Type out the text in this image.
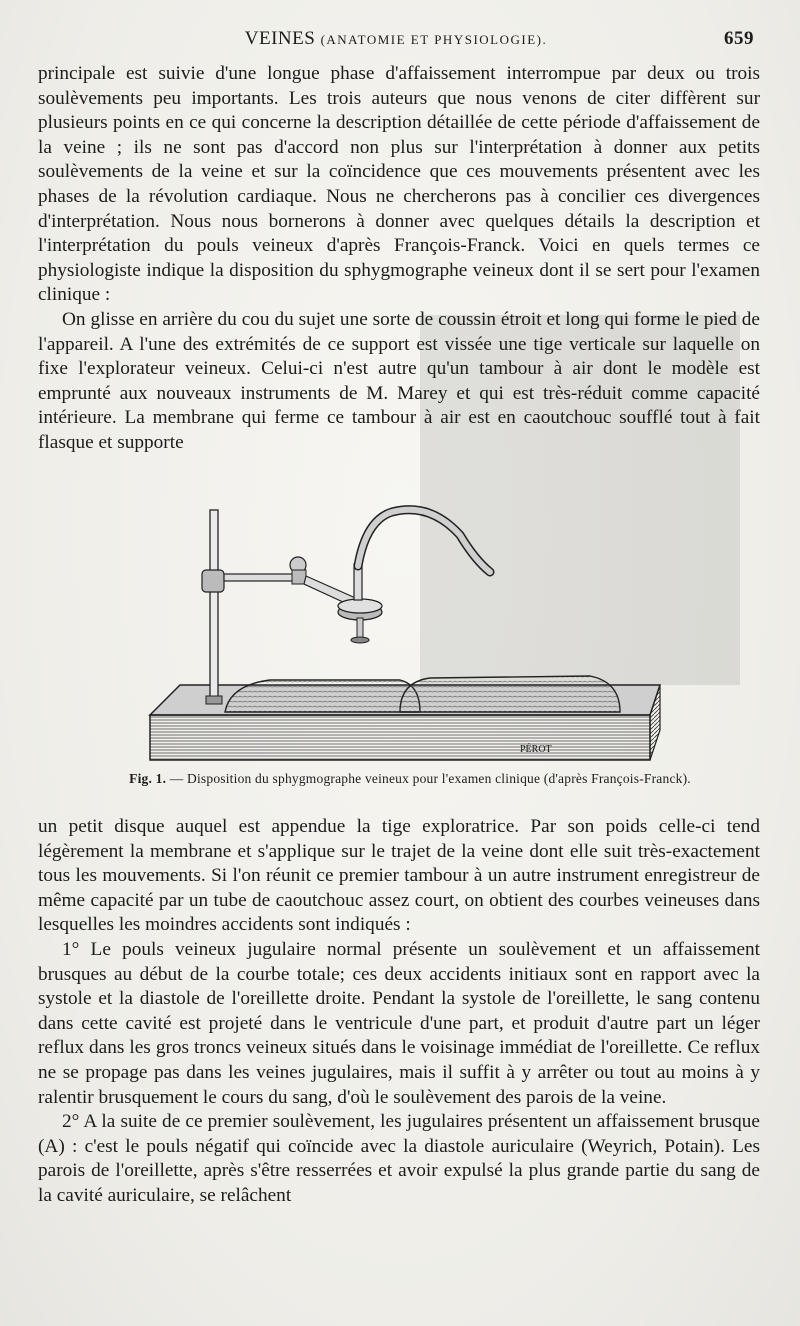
VEINES (ANATOMIE ET PHYSIOLOGIE).	659

principale est suivie d'une longue phase d'affaissement interrompue par deux ou trois soulèvements peu importants. Les trois auteurs que nous venons de citer diffèrent sur plusieurs points en ce qui concerne la description détaillée de cette période d'affaissement de la veine ; ils ne sont pas d'accord non plus sur l'interprétation à donner aux petits soulèvements de la veine et sur la coïncidence que ces mouvements présentent avec les phases de la révolution cardiaque. Nous ne chercherons pas à concilier ces divergences d'interprétation. Nous nous bornerons à donner avec quelques détails la description et l'interprétation du pouls veineux d'après François-Franck. Voici en quels termes ce physiologiste indique la disposition du sphygmographe veineux dont il se sert pour l'examen clinique :

On glisse en arrière du cou du sujet une sorte de coussin étroit et long qui forme le pied de l'appareil. A l'une des extrémités de ce support est vissée une tige verticale sur laquelle on fixe l'explorateur veineux. Celui-ci n'est autre qu'un tambour à air dont le modèle est emprunté aux nouveaux instruments de M. Marey et qui est très-réduit comme capacité intérieure. La membrane qui ferme ce tambour à air est en caoutchouc soufflé tout à fait flasque et supporte

PÉROT
Fig. 1. — Disposition du sphygmographe veineux pour l'examen clinique (d'après François-Franck).

un petit disque auquel est appendue la tige exploratrice. Par son poids celle-ci tend légèrement la membrane et s'applique sur le trajet de la veine dont elle suit très-exactement tous les mouvements. Si l'on réunit ce premier tambour à un autre instrument enregistreur de même capacité par un tube de caoutchouc assez court, on obtient des courbes veineuses dans lesquelles les moindres accidents sont indiqués :

1° Le pouls veineux jugulaire normal présente un soulèvement et un affaissement brusques au début de la courbe totale; ces deux accidents initiaux sont en rapport avec la systole et la diastole de l'oreillette droite. Pendant la systole de l'oreillette, le sang contenu dans cette cavité est projeté dans le ventricule d'une part, et produit d'autre part un léger reflux dans les gros troncs veineux situés dans le voisinage immédiat de l'oreillette. Ce reflux ne se propage pas dans les veines jugulaires, mais il suffit à y arrêter ou tout au moins à y ralentir brusquement le cours du sang, d'où le soulèvement des parois de la veine.

2° A la suite de ce premier soulèvement, les jugulaires présentent un affaissement brusque (A) : c'est le pouls négatif qui coïncide avec la diastole auriculaire (Weyrich, Potain). Les parois de l'oreillette, après s'être resserrées et avoir expulsé la plus grande partie du sang de la cavité auriculaire, se relâchent
